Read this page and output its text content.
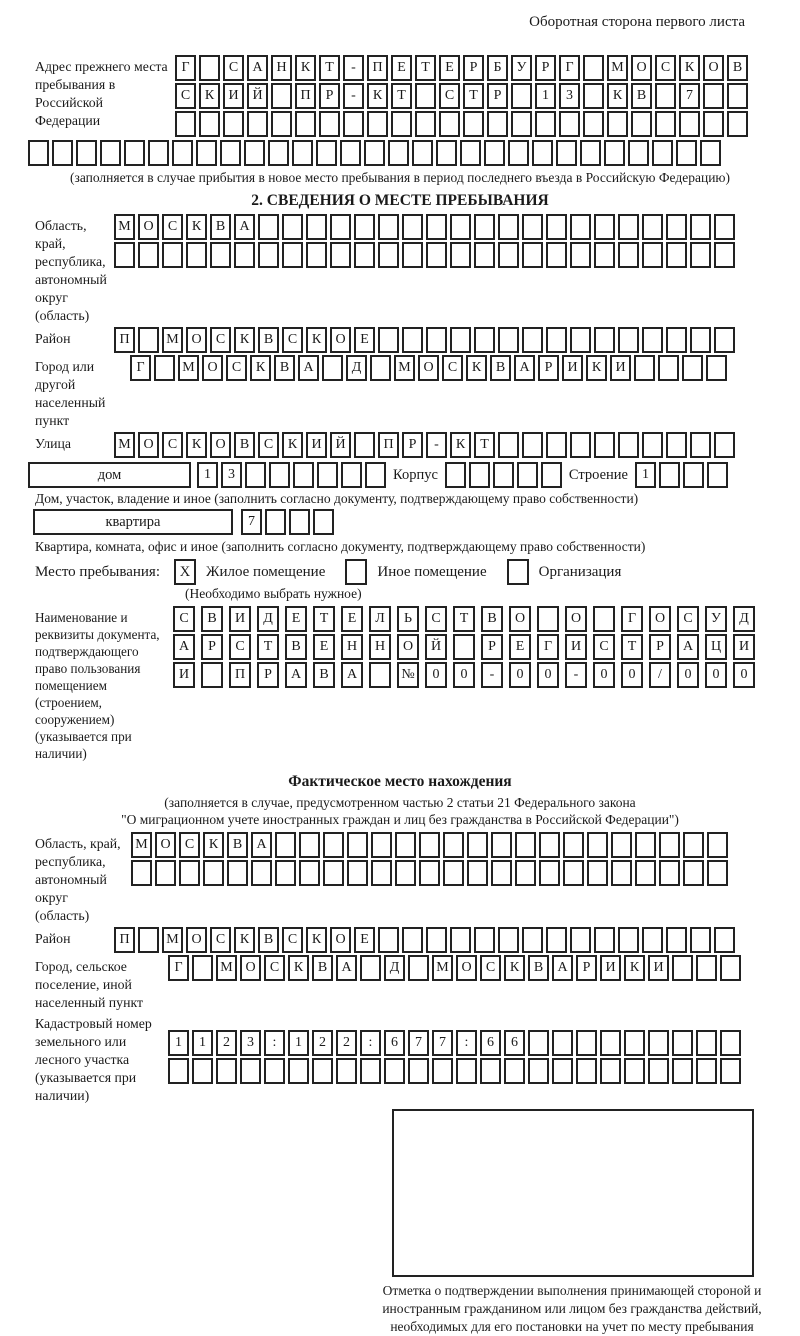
Оборотная сторона первого листа
Адрес прежнего места пребывания в Российской Федерации
Г	С	А Н	К	Т	-	П	Е	Т	Е	Р	Б	У	Р	Г	М О	С	К	О	В
С	К	И Й	П	Р	-	К	Т	С	Т	Р	1	3	К	В	7
(заполняется в случае прибытия в новое место пребывания в период последнего въезда в Российскую Федерацию)
2. СВЕДЕНИЯ О МЕСТЕ ПРЕБЫВАНИЯ
Область, край, республика, автономный округ (область)
М О	С	К	В	А
Район	П	М О	С	К	В	С	К	О	Е
Город или другой населенный пункт
Г	М О	С	К	В	А	Д	М О	С	К	В	А	Р	И	К	И
Улица	М О	С	К	О	В	С	К	И Й	П	Р	-	К	Т
дом	1	3	Корпус	Строение	1
Дом, участок, владение и иное (заполнить согласно документу, подтверждающему право собственности)
квартира	7
Квартира, комната, офис и иное (заполнить согласно документу, подтверждающему право собственности)
Место пребывания:	X	Жилое помещение	Иное помещение	Организация
(Необходимо выбрать нужное)
Наименование и реквизиты документа, подтверждающего право пользования помещением (строением, сооружением) (указывается при наличии)
С	В	И	Д	Е	Т	Е	Л	Ь	С	Т	В	О	О	Г	О	С	У	Д
А	Р	С	Т	В	Е	Н	Н	О	Й	Р	Е	Г	И	С	Т	Р	А	Ц	И
И	П	Р	А	В	А	№	0	0	-	0	0	-	0	0	/	0	0	0
Фактическое место нахождения
(заполняется в случае, предусмотренном частью 2 статьи 21 Федерального закона
"О миграционном учете иностранных граждан и лиц без гражданства в Российской Федерации")
Область, край, республика, автономный округ (область)
М О	С	К	В	А
Район	П	М О	С	К	В	С	К	О	Е
Город, сельское поселение, иной населенный пункт
Г	М О	С	К	В	А	Д	М О	С	К	В	А	Р	И	К	И
Кадастровый номер земельного или лесного участка (указывается при наличии)
1	1	2	3	:	1	2	2	:	6	7	7	:	6	6
Отметка о подтверждении выполнения принимающей стороной и иностранным гражданином или лицом без гражданства действий, необходимых для его постановки на учет по месту пребывания
